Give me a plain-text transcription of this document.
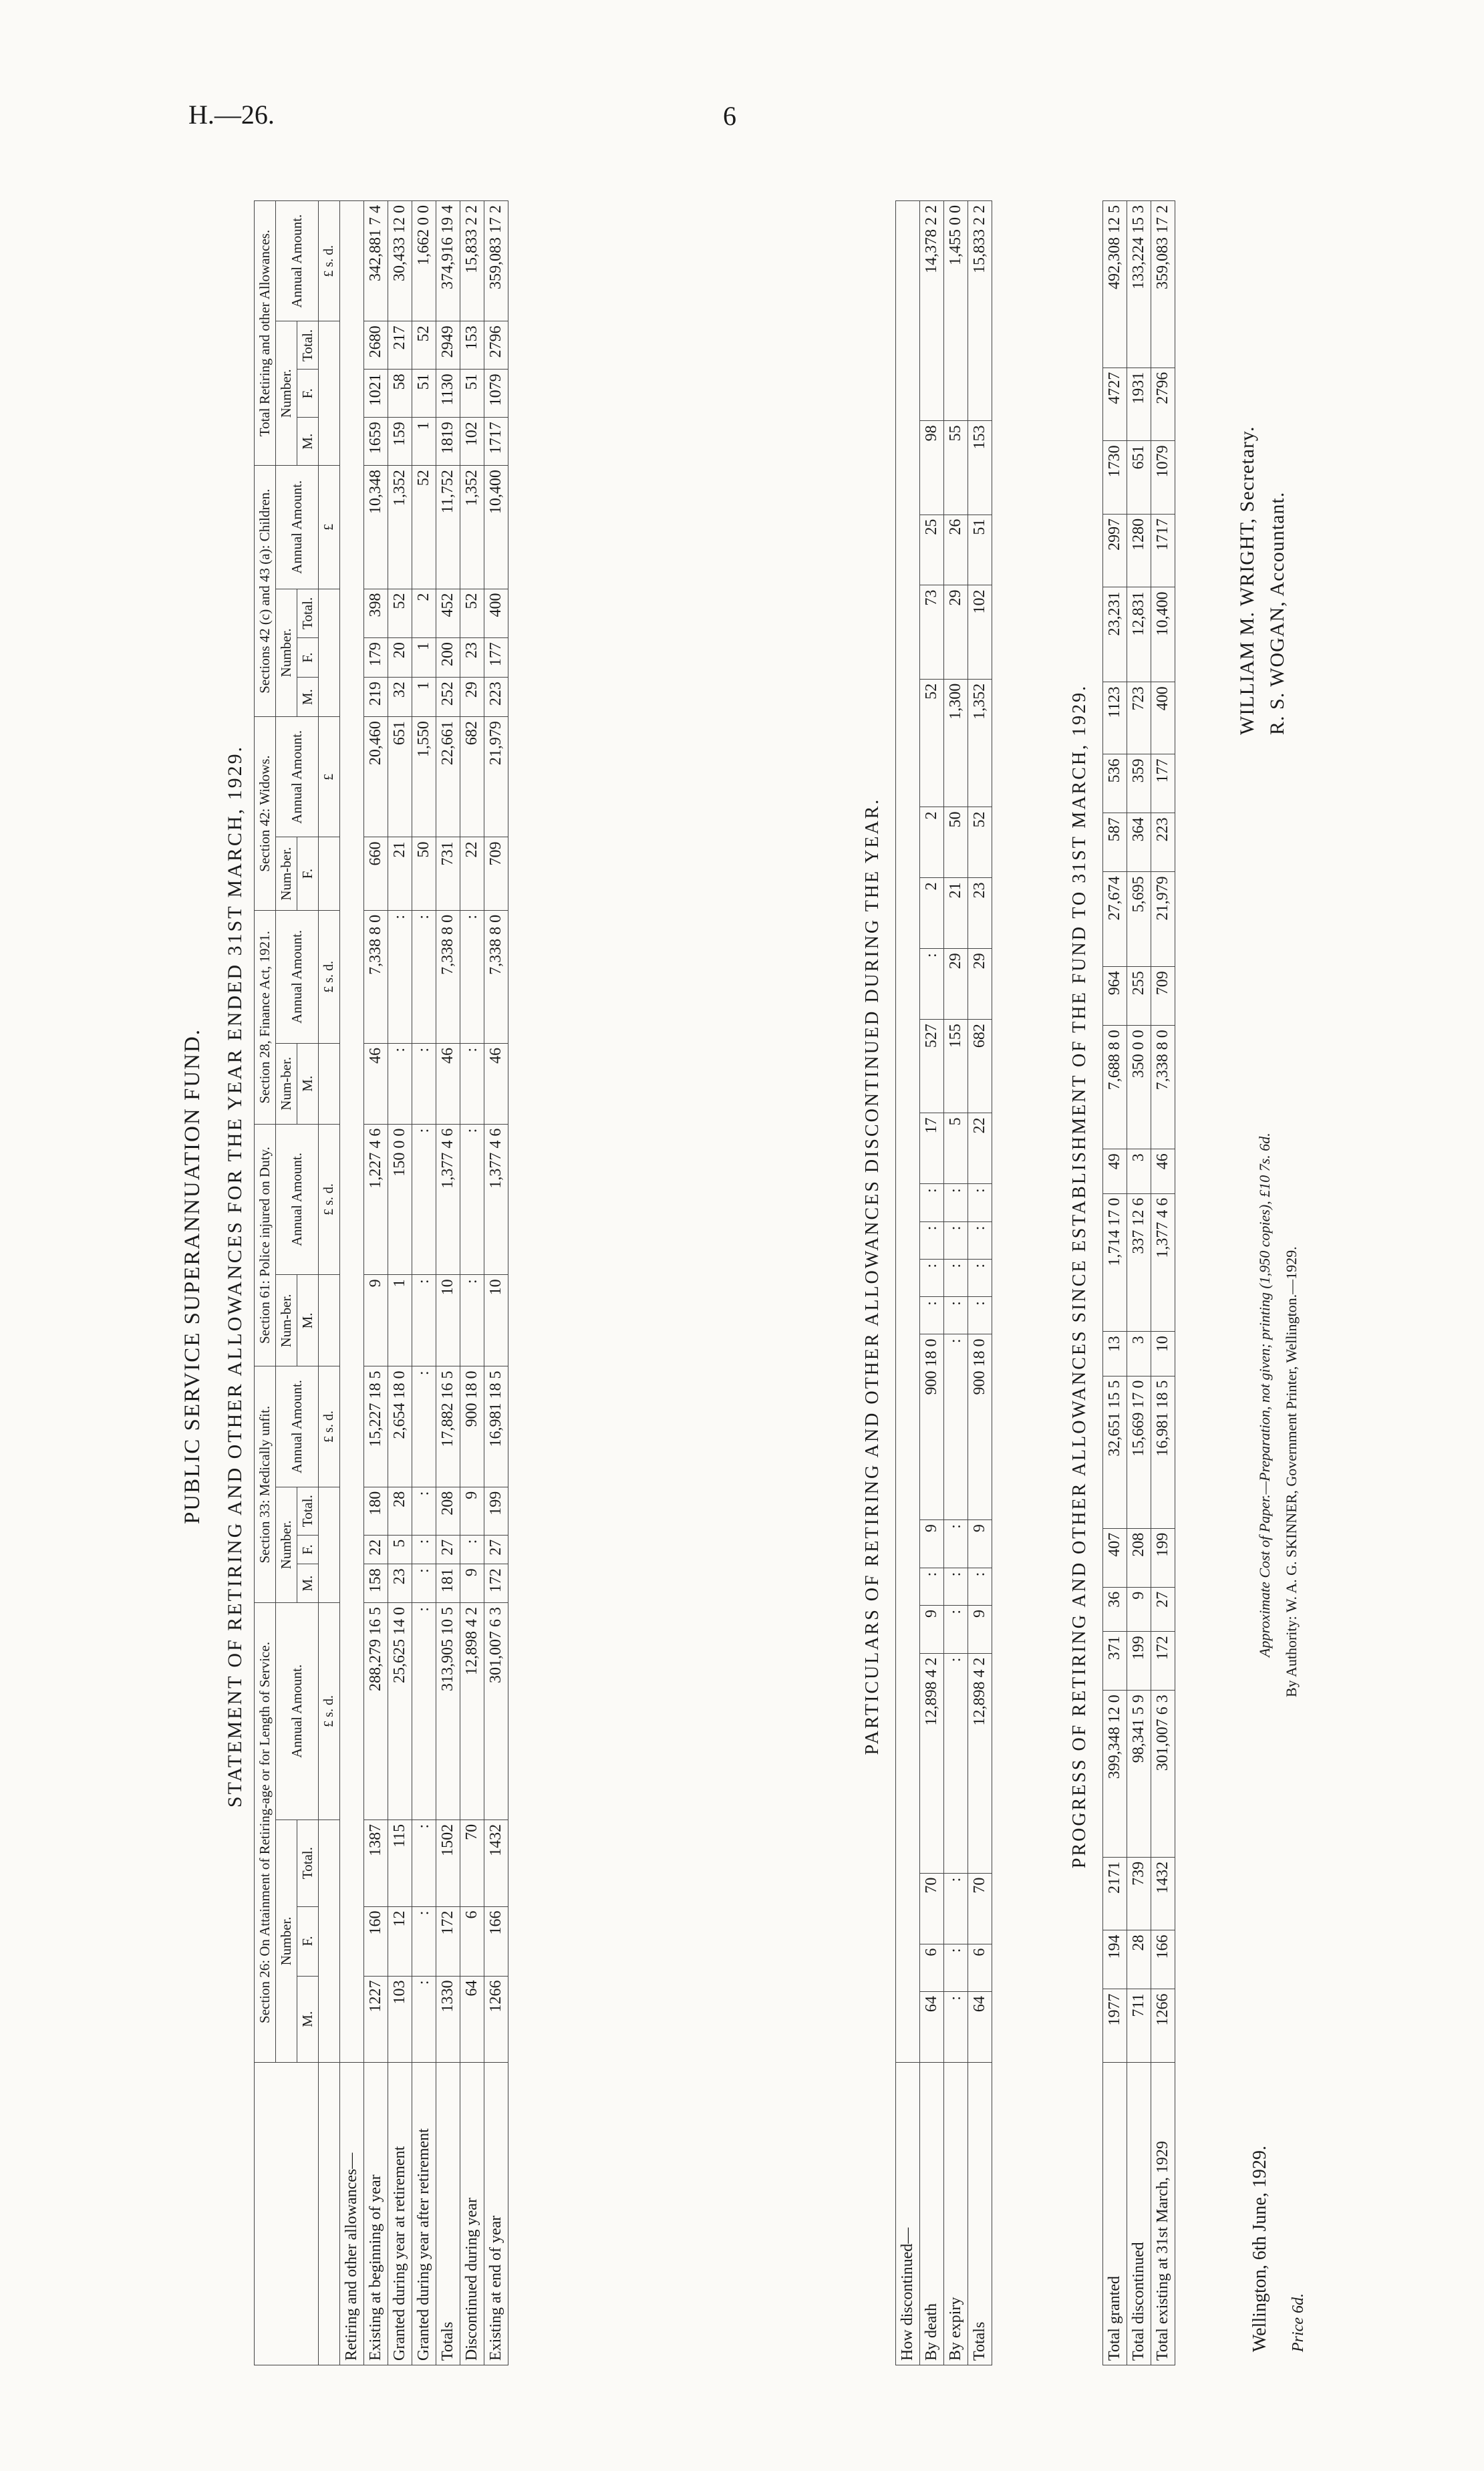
H.—26.	6
PUBLIC SERVICE SUPERANNUATION FUND. STATEMENT OF RETIRING AND OTHER ALLOWANCES FOR THE YEAR ENDED 31ST MARCH, 1929.
	Section 26: On Attainment of Retiring-age or for Length of Service.				Section 33: Medically unfit.				Section 61: Police injured on Duty.		Section 28, Finance Act, 1921.		Section 42: Widows.		Sections 42 (c) and 43 (a): Children.				Total Retiring and other Allowances.			
	Number.			Annual Amount.	Number.			Annual Amount.	Num-ber.	Annual Amount.	Num-ber.	Annual Amount.	Num-ber.	Annual Amount.	Number.			Annual Amount.	Number.			Annual Amount.
	M.	F.	Total.		M.	F.	Total.		M.		M.		F.		M.	F.	Total.		M.	F.	Total.	
				£ s. d.				£ s. d.		£ s. d.		£ s. d.		£				£				£ s. d.
Retiring and other allowances—																						
Existing at beginning of year	1227	160	1387	288,279 16 5	158	22	180	15,227 18 5	9	1,227 4 6	46	7,338 8 0	660	20,460	219	179	398	10,348	1659	1021	2680	342,881 7 4
Granted during year at retirement	103	12	115	25,625 14 0	23	5	28	2,654 18 0	1	150 0 0	:	:	21	651	32	20	52	1,352	159	58	217	30,433 12 0
Granted during year after retirement	:	:	:	:	:	:	:	:	:	:	:	:	50	1,550	1	1	2	52	1	51	52	1,662 0 0
Totals	1330	172	1502	313,905 10 5	181	27	208	17,882 16 5	10	1,377 4 6	46	7,338 8 0	731	22,661	252	200	452	11,752	1819	1130	2949	374,916 19 4
Discontinued during year	64	6	70	12,898 4 2	9	:	9	900 18 0	:	:	:	:	22	682	29	23	52	1,352	102	51	153	15,833 2 2
Existing at end of year	1266	166	1432	301,007 6 3	172	27	199	16,981 18 5	10	1,377 4 6	46	7,338 8 0	709	21,979	223	177	400	10,400	1717	1079	2796	359,083 17 2
PARTICULARS OF RETIRING AND OTHER ALLOWANCES DISCONTINUED DURING THE YEAR.
How discontinued—																						
By death	64	6	70	12,898 4 2	9	:	9	900 18 0	:	:	:	:	17	527	:	2	2	52	73	25	98	14,378 2 2
By expiry	:	:	:	:	:	:	:	:	:	:	:	:	5	155	29	21	50	1,300	29	26	55	1,455 0 0
Totals	64	6	70	12,898 4 2	9	:	9	900 18 0	:	:	:	:	22	682	29	23	52	1,352	102	51	153	15,833 2 2
PROGRESS OF RETIRING AND OTHER ALLOWANCES SINCE ESTABLISHMENT OF THE FUND TO 31ST MARCH, 1929.
Total granted	1977	194	2171	399,348 12 0	371	36	407	32,651 15 5	13	1,714 17 0	49	7,688 8 0	964	27,674	587	536	1123	23,231	2997	1730	4727	492,308 12 5
Total discontinued	711	28	739	98,341 5 9	199	9	208	15,669 17 0	3	337 12 6	3	350 0 0	255	5,695	364	359	723	12,831	1280	651	1931	133,224 15 3
Total existing at 31st March, 1929	1266	166	1432	301,007 6 3	172	27	199	16,981 18 5	10	1,377 4 6	46	7,338 8 0	709	21,979	223	177	400	10,400	1717	1079	2796	359,083 17 2
Wellington, 6th June, 1929.
Approximate Cost of Paper.—Preparation, not given; printing (1,950 copies), £10 7s. 6d. By Authority: W. A. G. SKINNER, Government Printer, Wellington.—1929.
WILLIAM M. WRIGHT, Secretary. R. S. WOGAN, Accountant.
Price 6d.
